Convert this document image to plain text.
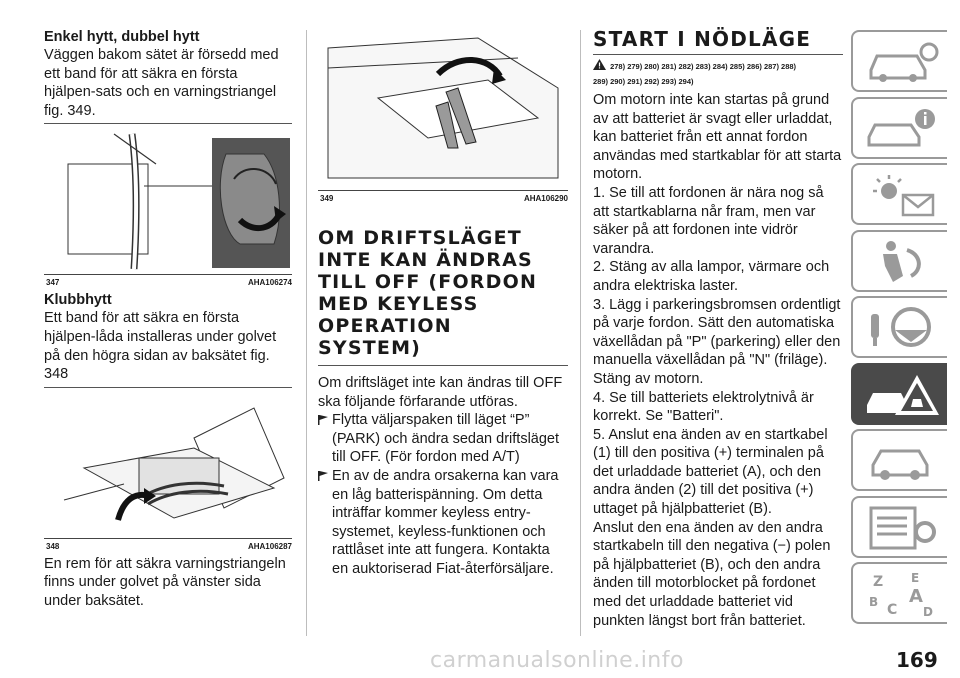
Enkel hytt, dubbel hytt

Väggen bakom sätet är försedd med ett band för att säkra en första hjälpen-sats och en varningstriangel fig. 349.

347	AHA106274

Klubbhytt

Ett band för att säkra en första hjälpen-låda installeras under golvet på den högra sidan av baksätet fig. 348

348	AHA106287

En rem för att säkra varningstriangeln finns under golvet på vänster sida under baksätet.

349	AHA106290

OM DRIFTSLÄGET

INTE KAN ÄNDRAS

TILL OFF (FORDON

MED KEYLESS

OPERATION

SYSTEM)

Om driftsläget inte kan ändras till OFF ska följande förfarande utföras.

Flytta väljarspaken till läget “P” (PARK) och ändra sedan driftsläget till OFF. (För fordon med A/T)

En av de andra orsakerna kan vara en låg batterispänning. Om detta inträffar kommer keyless entry-systemet, keyless-funktionen och rattlåset inte att fungera. Kontakta en auktoriserad Fiat-återförsäljare.

START I NÖDLÄGE

278) 279) 280) 281) 282) 283) 284) 285) 286) 287) 288)
289) 290) 291) 292) 293) 294)

Om motorn inte kan startas på grund av att batteriet är svagt eller urladdat, kan batteriet från ett annat fordon användas med startkablar för att starta motorn.

1. Se till att fordonen är nära nog så att startkablarna når fram, men var säker på att fordonen inte vidrör varandra.

2. Stäng av alla lampor, värmare och andra elektriska laster.

3. Lägg i parkeringsbromsen ordentligt på varje fordon. Sätt den automatiska växellådan på "P" (parkering) eller den manuella växellådan på "N" (friläge). Stäng av motorn.

4. Se till batteriets elektrolytnivå är korrekt. Se "Batteri".

5. Anslut ena änden av en startkabel (1) till den positiva (+) terminalen på det urladdade batteriet (A), och den andra änden (2) till det positiva (+) uttaget på hjälpbatteriet (B).

Anslut den ena änden av den andra startkabeln till den negativa (−) polen på hjälpbatteriet (B), och den andra änden till motorblocket på fordonet med det urladdade batteriet vid punkten längst bort från batteriet.

Z E
B C
A
D
carmanualsonline.info	169
